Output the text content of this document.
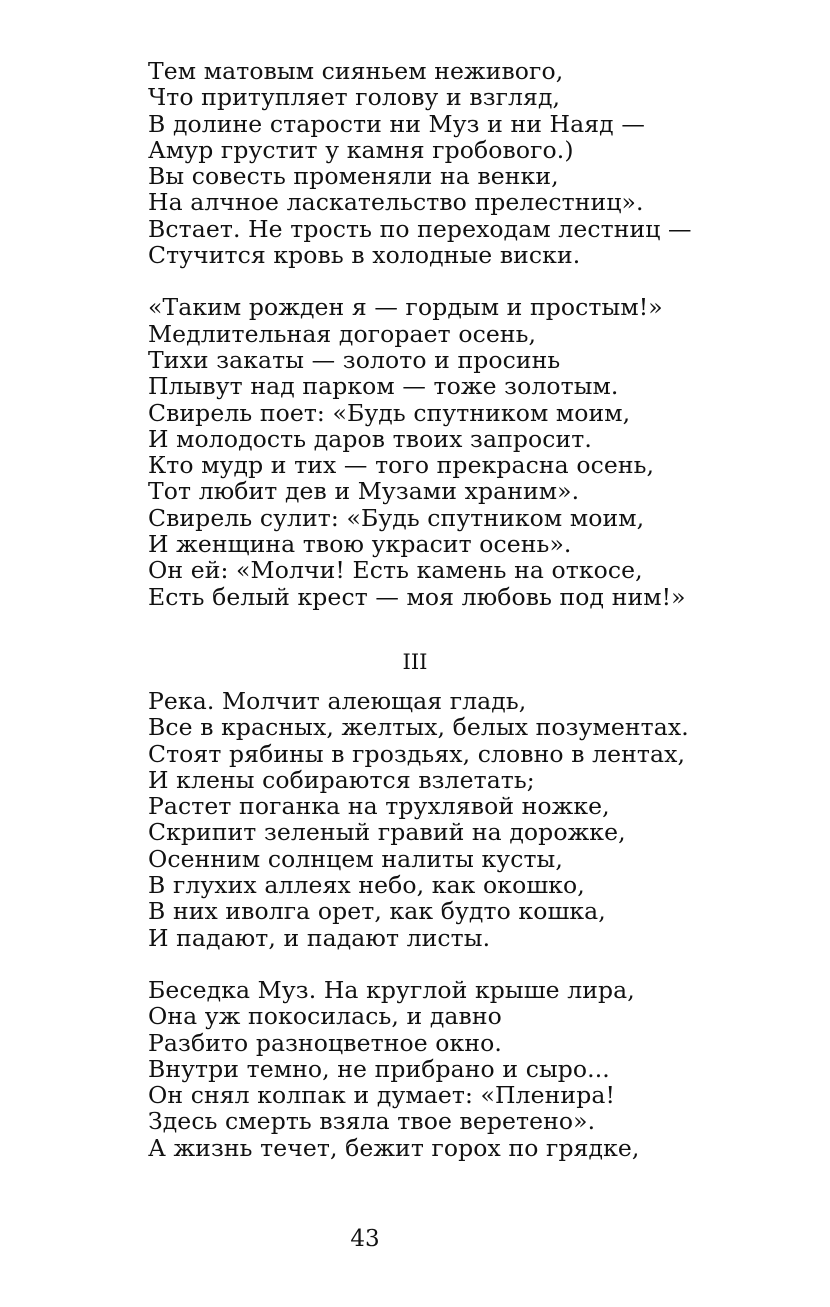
Тем матовым сияньем неживого,
Что притупляет голову и взгляд,
В долине старости ни Муз и ни Наяд —
Амур грустит у камня гробового.)
Вы совесть променяли на венки,
На алчное ласкательство прелестниц».
Встает. Не трость по переходам лестниц —
Стучится кровь в холодные виски.
«Таким рожден я — гордым и простым!»
Медлительная догорает осень,
Тихи закаты — золото и просинь
Плывут над парком — тоже золотым.
Свирель поет: «Будь спутником моим,
И молодость даров твоих запросит.
Кто мудр и тих — того прекрасна осень,
Тот любит дев и Музами храним».
Свирель сулит: «Будь спутником моим,
И женщина твою украсит осень».
Он ей: «Молчи! Есть камень на откосе,
Есть белый крест — моя любовь под ним!»
III
Река. Молчит алеющая гладь,
Все в красных, желтых, белых позументах.
Стоят рябины в гроздьях, словно в лентах,
И клены собираются взлетать;
Растет поганка на трухлявой ножке,
Скрипит зеленый гравий на дорожке,
Осенним солнцем налиты кусты,
В глухих аллеях небо, как окошко,
В них иволга орет, как будто кошка,
И падают, и падают листы.
Беседка Муз. На круглой крыше лира,
Она уж покосилась, и давно
Разбито разноцветное окно.
Внутри темно, не прибрано и сыро...
Он снял колпак и думает: «Пленира!
Здесь смерть взяла твое веретено».
А жизнь течет, бежит горох по грядке,
43
